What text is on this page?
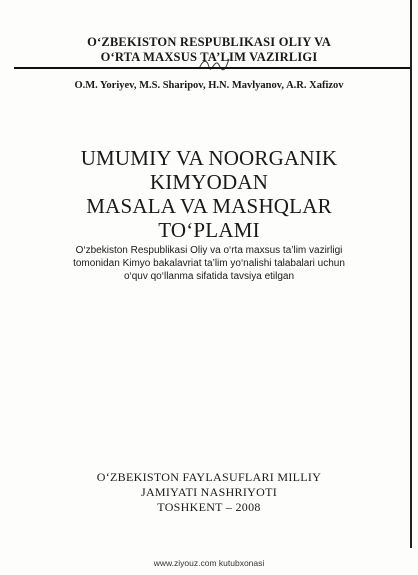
O‘ZBEKISTON RESPUBLIKASI OLIY VA
O‘RTA MAXSUS TA’LIM VAZIRLIGI
O.M. Yoriyev, M.S. Sharipov, H.N. Mavlyanov, A.R. Xafizov
UMUMIY VA NOORGANIK
KIMYODAN
MASALA VA MASHQLAR
TO‘PLAMI
O‘zbekiston Respublikasi Oliy va o‘rta maxsus ta’lim vazirligi
tomonidan Kimyo bakalavriat ta’lim yo‘nalishi talabalari uchun
o‘quv qo‘llanma sifatida tavsiya etilgan
O‘ZBEKISTON FAYLASUFLARI MILLIY
JAMIYATI NASHRIYOTI
TOSHKENT – 2008
www.ziyouz.com kutubxonasi
